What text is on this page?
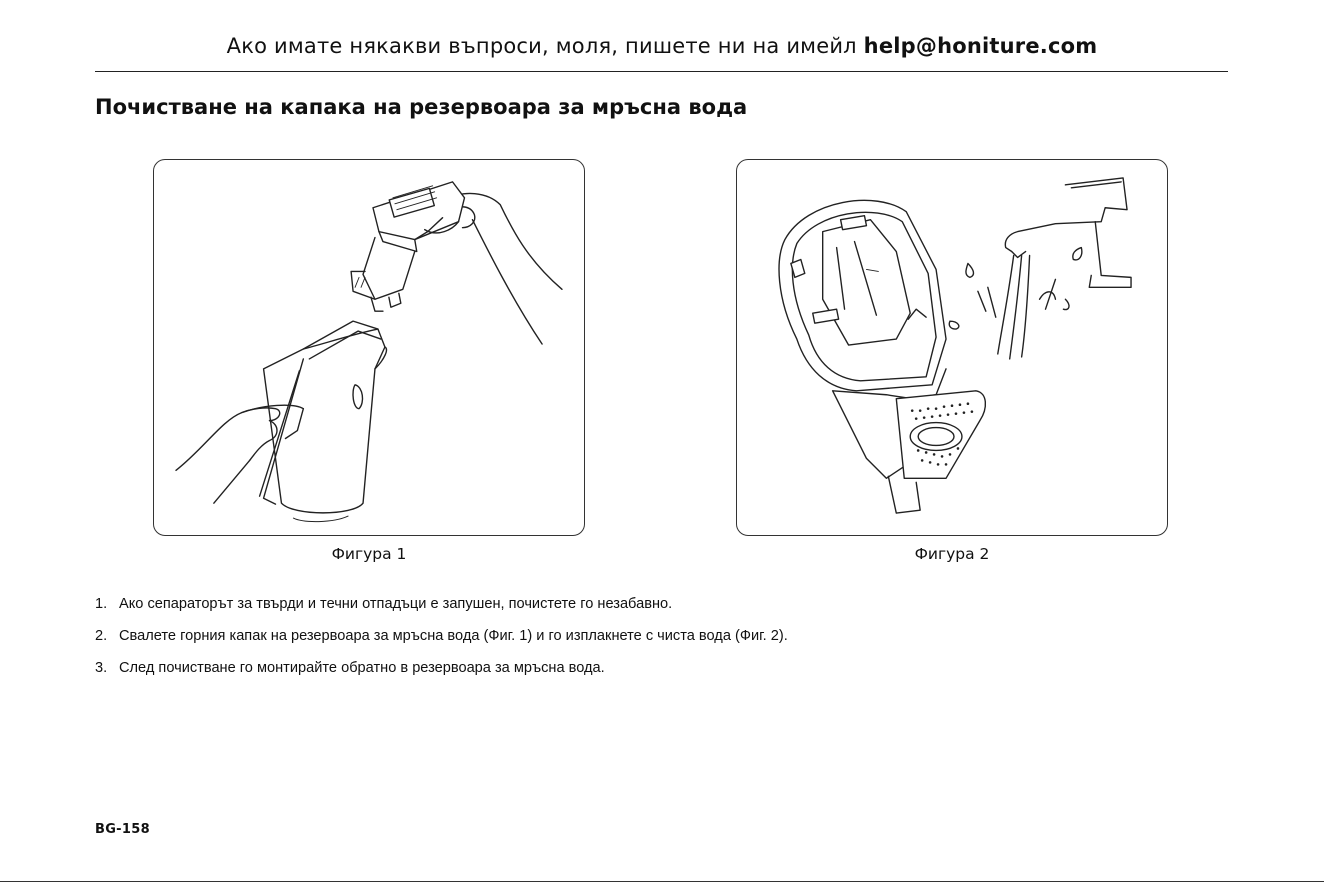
Ако имате някакви въпроси, моля, пишете ни на имейл help@honiture.com
Почистване на капака на резервоара за мръсна вода
Фигура 1	Фигура 2
1. Ако сепараторът за твърди и течни отпадъци е запушен, почистете го незабавно.
2. Свалете горния капак на резервоара за мръсна вода (Фиг. 1) и го изплакнете с чиста вода (Фиг. 2).
3. След почистване го монтирайте обратно в резервоара за мръсна вода.
BG-158
